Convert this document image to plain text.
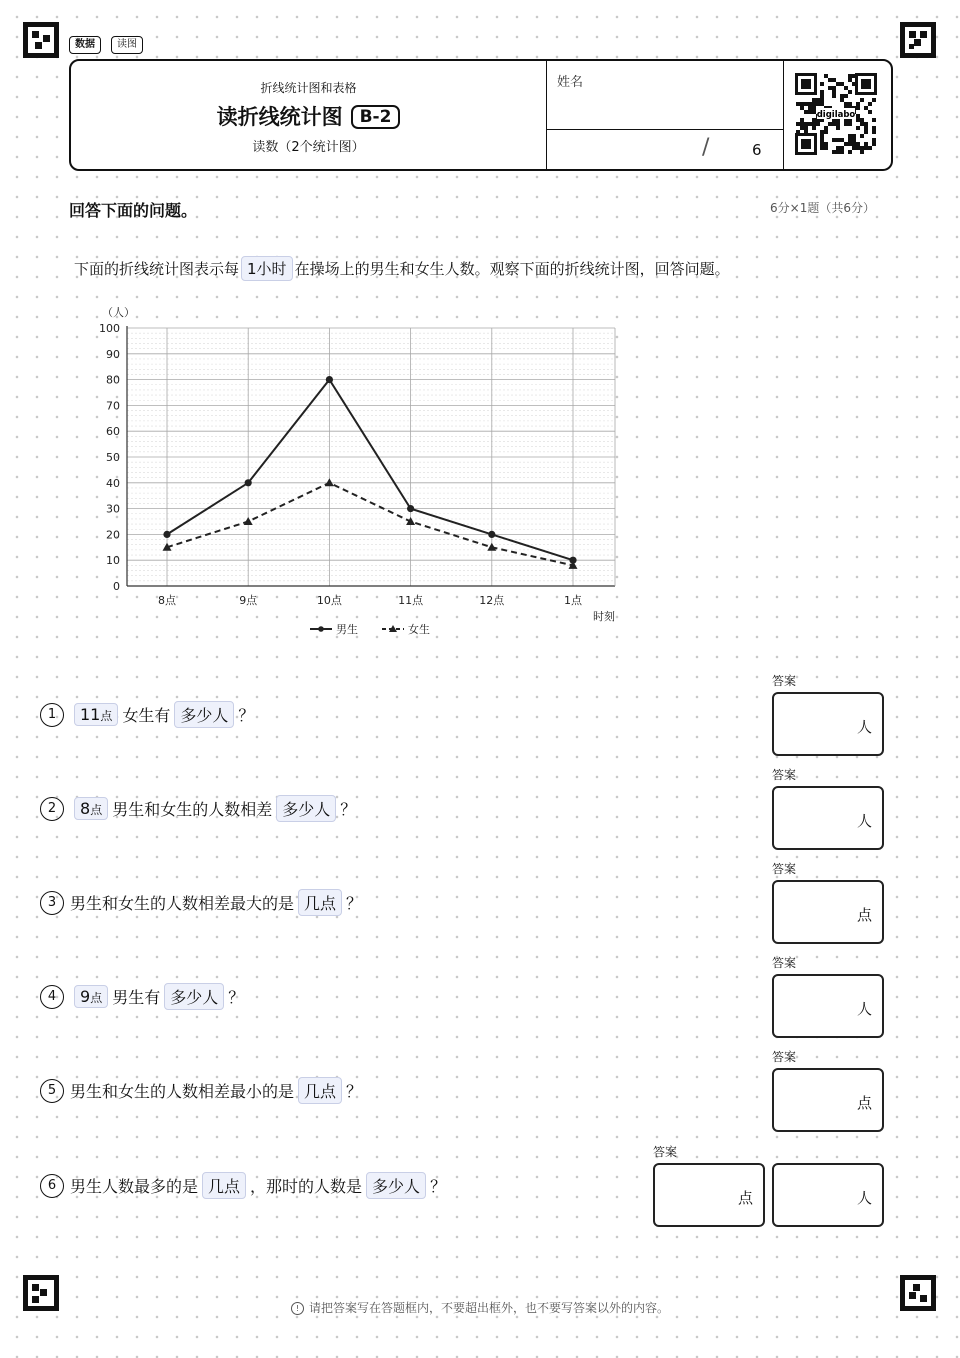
数据	读图
折线统计图和表格
读折线统计图 B-2
读数（2个统计图）
姓名
/	6
digilabo
回答下面的问题。	6分×1题（共6分）
下面的折线统计图表示每 1小时 在操场上的男生和女生人数。观察下面的折线统计图，回答问题。
0
10
20
30
40
50
60
70
80
90
100
8点	9点	10点	11点	12点	1点
（人）
时刻
男生	女生
1	11点 女生有 多少人 ？
答案
人
2	8点 男生和女生的人数相差 多少人 ？
答案
人
3 男生和女生的人数相差最大的是 几点 ？
答案
点
4	9点 男生有 多少人 ？
答案
人
5 男生和女生的人数相差最小的是 几点 ？
答案
点
6 男生人数最多的是 几点 ，那时的人数是 多少人 ？
答案
点	人
! 请把答案写在答题框内，不要超出框外，也不要写答案以外的内容。
